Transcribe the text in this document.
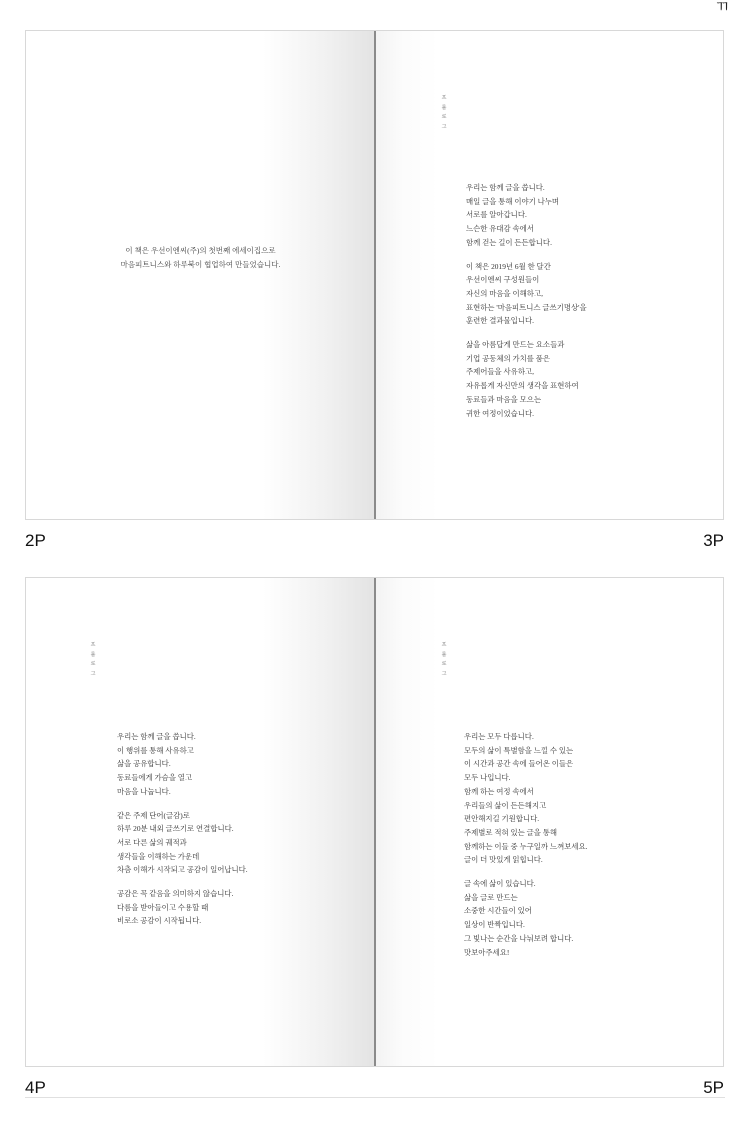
ㄲ
이 책은 우선이엔씨(주)의 첫번째 에세이집으로
마음피트니스와 하루북이 협업하여 만들었습니다.
프
롤
로
그

우리는 함께 글을 씁니다.
매일 글을 통해 이야기 나누며
서로를 알아갑니다.
느슨한 유대감 속에서
함께 걷는 길이 든든합니다.

이 책은 2019년 6월 한 달간
우선이엔씨 구성원들이
자신의 마음을 이해하고,
표현하는 '마음피트니스 글쓰기명상'을
훈련한 결과물입니다.

삶을 아름답게 만드는 요소들과
기업 공동체의 가치를 품은
주제어들을 사유하고,
자유롭게 자신만의 생각을 표현하여
동료들과 마음을 모으는
귀한 여정이었습니다.

2P	3P
프
롤
로
그

우리는 함께 글을 씁니다.
이 행위를 통해 사유하고
삶을 공유합니다.
동료들에게 가슴을 열고
마음을 나눕니다.

같은 주제 단어(글감)로
하루 20분 내외 글쓰기로 연결합니다.
서로 다른 삶의 궤적과
생각들을 이해하는 가운데
차츰 이해가 시작되고 공감이 일어납니다.

공감은 꼭 같음을 의미하지 않습니다.
다름을 받아들이고 수용할 때
비로소 공감이 시작됩니다.

프
롤
로
그

우리는 모두 다릅니다.
모두의 삶이 특별함을 느낄 수 있는
이 시간과 공간 속에 들어온 이들은
모두 나입니다.
함께 하는 여정 속에서
우리들의 삶이 든든해지고
편안해지길 기원합니다.
주제별로 적혀 있는 글을 통해
함께하는 이들 중 누구일까 느껴보세요.
글이 더 맛있게 읽힙니다.

글 속에 삶이 있습니다.
삶을 글로 만드는
소중한 시간들이 있어
일상이 반짝입니다.
그 빛나는 순간을 나눠보려 합니다.
맛보아주세요!

4P	5P
